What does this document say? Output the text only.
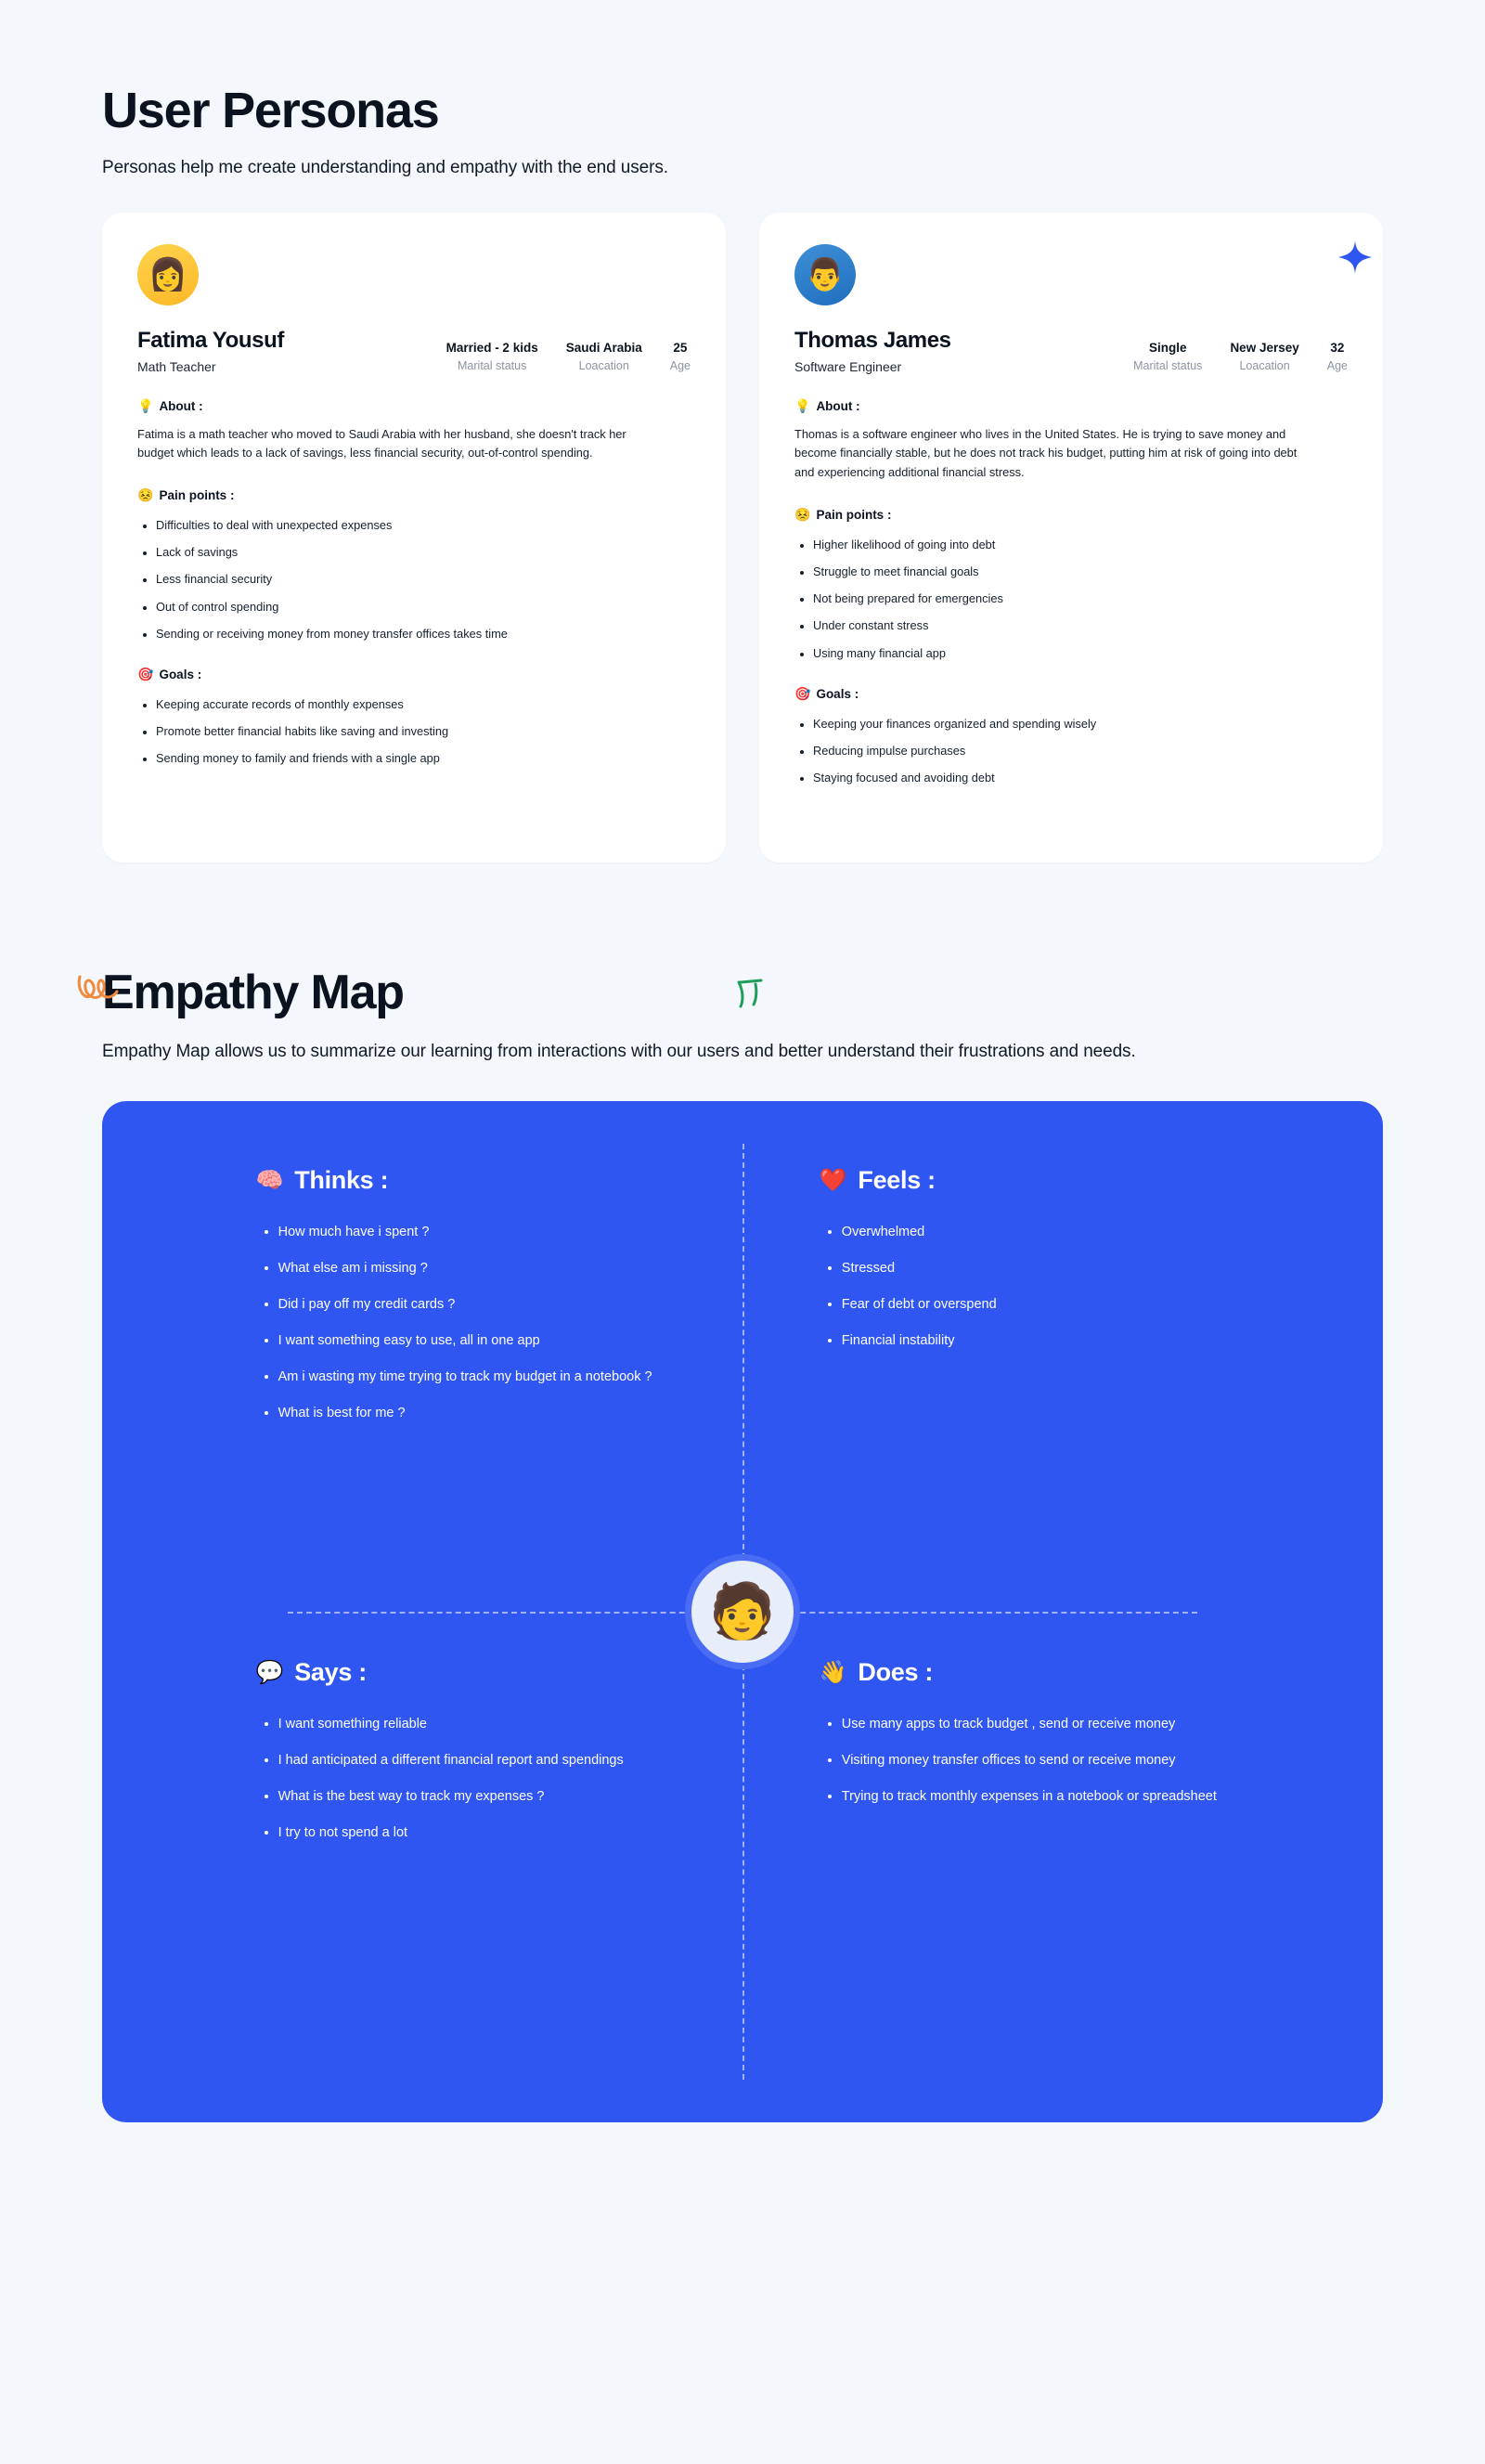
User Personas

Personas help me create understanding and empathy with the end users.

👩
Fatima Yousuf
Math Teacher
Married - 2 kids
Marital status
Saudi Arabia
Loacation
25
Age
💡 About :
Fatima is a math teacher who moved to Saudi Arabia with her husband, she doesn't track her budget which leads to a lack of savings, less financial security, out-of-control spending.
😣 Pain points :
• Difficulties to deal with unexpected expenses
• Lack of savings
• Less financial security
• Out of control spending
• Sending or receiving money from money transfer offices takes time
🎯 Goals :
• Keeping accurate records of monthly expenses
• Promote better financial habits like saving and investing
• Sending money to family and friends with a single app
👨
Thomas James
Software Engineer
Single
Marital status
New Jersey
Loacation
32
Age
💡 About :
Thomas is a software engineer who lives in the United States. He is trying to save money and become financially stable, but he does not track his budget, putting him at risk of going into debt and experiencing additional financial stress.
😣 Pain points :
• Higher likelihood of going into debt
• Struggle to meet financial goals
• Not being prepared for emergencies
• Under constant stress
• Using many financial app
🎯 Goals :
• Keeping your finances organized and spending wisely
• Reducing impulse purchases
• Staying focused and avoiding debt
Empathy Map

Empathy Map allows us to summarize our learning from interactions with our users and better understand their frustrations and needs.

🧑
🧠 Thinks :
• How much have i spent ?
• What else am i missing ?
• Did i pay off my credit cards ?
• I want something easy to use, all in one app
• Am i wasting my time trying to track my budget in a notebook ?
• What is best for me ?
❤️ Feels :
• Overwhelmed
• Stressed
• Fear of debt or overspend
• Financial instability
💬 Says :
• I want something reliable
• I had anticipated a different financial report and spendings
• What is the best way to track my expenses ?
• I try to not spend a lot
👋 Does :
• Use many apps to track budget , send or receive money
• Visiting money transfer offices to send or receive money
• Trying to track monthly expenses in a notebook or spreadsheet
